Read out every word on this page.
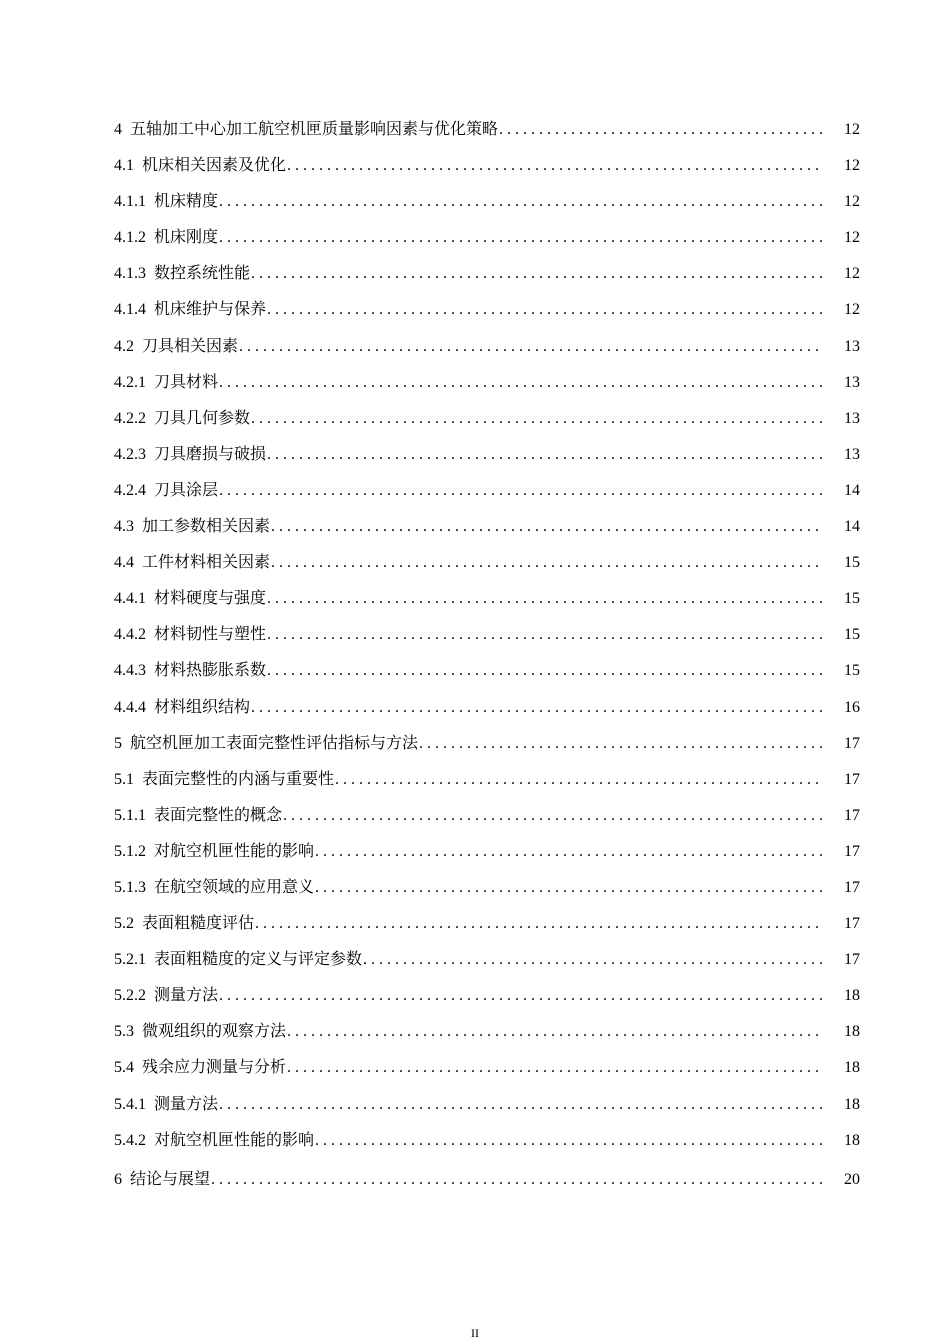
4 五轴加工中心加工航空机匣质量影响因素与优化策略 . . .	12
4.1 机床相关因素及优化 . . .	12
4.1.1 机床精度 . . .	12
4.1.2 机床刚度 . . .	12
4.1.3 数控系统性能 . . .	12
4.1.4 机床维护与保养 . . .	12
4.2 刀具相关因素 . . .	13
4.2.1 刀具材料 . . .	13
4.2.2 刀具几何参数 . . .	13
4.2.3 刀具磨损与破损 . . .	13
4.2.4 刀具涂层 . . .	14
4.3 加工参数相关因素 . . .	14
4.4 工件材料相关因素 . . .	15
4.4.1 材料硬度与强度 . . .	15
4.4.2 材料韧性与塑性 . . .	15
4.4.3 材料热膨胀系数 . . .	15
4.4.4 材料组织结构 . . .	16
5 航空机匣加工表面完整性评估指标与方法 . . .	17
5.1 表面完整性的内涵与重要性 . . .	17
5.1.1 表面完整性的概念 . . .	17
5.1.2 对航空机匣性能的影响 . . .	17
5.1.3 在航空领域的应用意义 . . .	17
5.2 表面粗糙度评估 . . .	17
5.2.1 表面粗糙度的定义与评定参数 . . .	17
5.2.2 测量方法 . . .	18
5.3 微观组织的观察方法 . . .	18
5.4 残余应力测量与分析 . . .	18
5.4.1 测量方法 . . .	18
5.4.2 对航空机匣性能的影响 . . .	18
6 结论与展望 . . .	20
II
